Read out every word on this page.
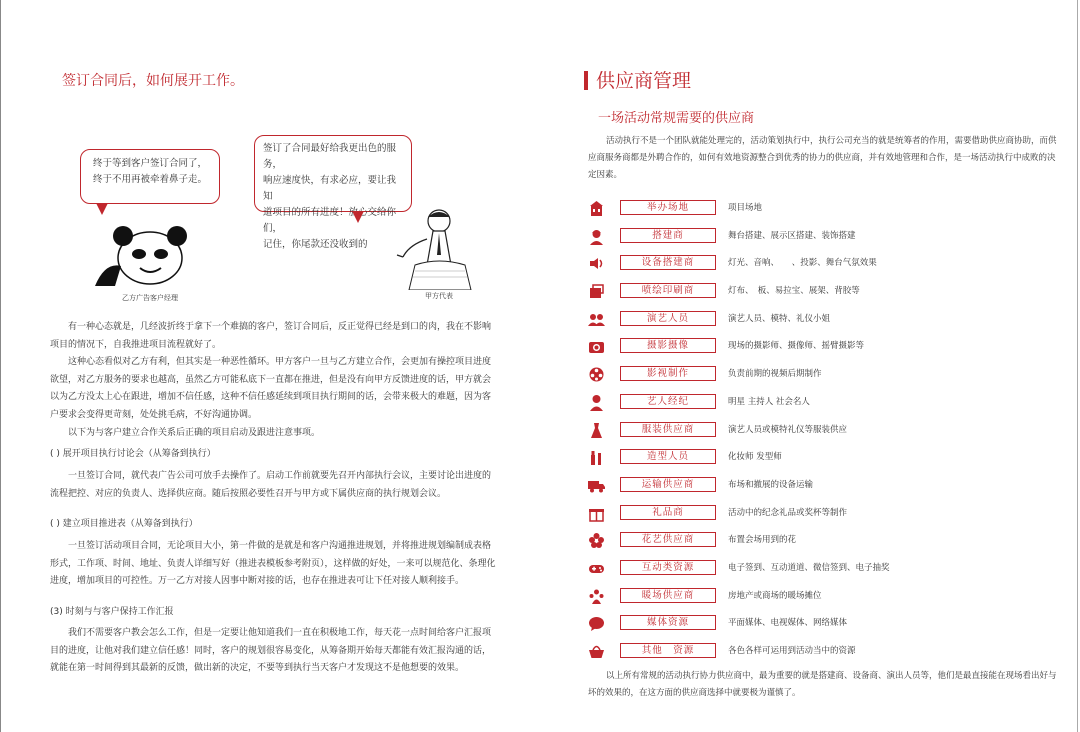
签订合同后，如何展开工作。
终于等到客户签订合同了，
终于不用再被牵着鼻子走。
签订了合同最好给我更出色的服务，
响应速度快，有求必应，要让我知
道项目的所有进度！放心交给你们，
记住，你尾款还没收到的
乙方广告客户经理	甲方代表

有一种心态就是，几经波折终于拿下一个难搞的客户，签订合同后，反正觉得已经是到口的肉，我在不影响项目的情况下，自我推进项目流程就好了。

这种心态看似对乙方有利，但其实是一种恶性循环。甲方客户一旦与乙方建立合作，会更加有操控项目进度欲望，对乙方服务的要求也越高，虽然乙方可能私底下一直都在推进，但是没有向甲方反馈进度的话，甲方就会以为乙方没太上心在跟进，增加不信任感，这种不信任感延续到项目执行期间的话，会带来极大的难题，因为客户要求会变得更苛刻，处处挑毛病，不好沟通协调。

以下为与客户建立合作关系后正确的项目启动及跟进注意事项。

( ) 展开项目执行讨论会（从筹备到执行）

一旦签订合同，就代表广告公司可放手去操作了。启动工作前就要先召开内部执行会议，主要讨论出进度的流程把控、对应的负责人、选择供应商。随后按照必要性召开与甲方或下属供应商的执行规划会议。

( ) 建立项目推进表（从筹备到执行）

一旦签订活动项目合同，无论项目大小，第一件做的是就是和客户沟通推进规划，并将推进规划编制成表格形式，工作项、时间、地址、负责人详细写好（推进表模板参考附页），这样做的好处，一来可以规范化、条理化进度，增加项目的可控性。万一乙方对接人因事中断对接的话，也存在推进表可让下任对接人顺利接手。

(3) 时刻与与客户保持工作汇报

我们不需要客户教会怎么工作，但是一定要让他知道我们一直在积极地工作，每天花一点时间给客户汇报项目的进度，让他对我们建立信任感！同时，客户的规划很容易变化，从筹备期开始每天都能有效汇报沟通的话，就能在第一时间得到其最新的反馈，做出新的决定，不要等到执行当天客户才发现这不是他想要的效果。

供应商管理
一场活动常规需要的供应商
活动执行不是一个团队就能处理完的，活动策划执行中，执行公司充当的就是统筹者的作用，需要借助供应商协助，而供应商服务商都是外聘合作的，如何有效地资源整合到优秀的协力的供应商，并有效地管理和合作，是一场活动执行中成败的决定因素。
举办场地	项目场地
搭建商	舞台搭建、展示区搭建、装饰搭建
设备搭建商	灯光、音响、　　、投影、舞台气氛效果
喷绘印刷商	灯布、　板、易拉宝、展架、背胶等
演艺人员	演艺人员、模特、礼仪小姐
摄影摄像	现场的摄影师、摄像师、摇臂摄影等
影视制作	负责前期的视频后期制作
艺人经纪	明星 主持人 社会名人
服装供应商	演艺人员或模特礼仪等服装供应
造型人员	化妆师 发型师
运输供应商	布场和撤展的设备运输
礼品商	活动中的纪念礼品或奖杯等制作
花艺供应商	布置会场用到的花
互动类资源	电子签到、互动道道、微信签到、电子抽奖
暖场供应商	房地产或商场的暖场摊位
媒体资源	平面媒体、电视媒体、网络媒体
其他　资源	各色各样可运用到活动当中的资源
以上所有常规的活动执行协力供应商中，最为重要的就是搭建商、设备商、演出人员等，他们是最直接能在现场看出好与坏的效果的，在这方面的供应商选择中就要极为谨慎了。
